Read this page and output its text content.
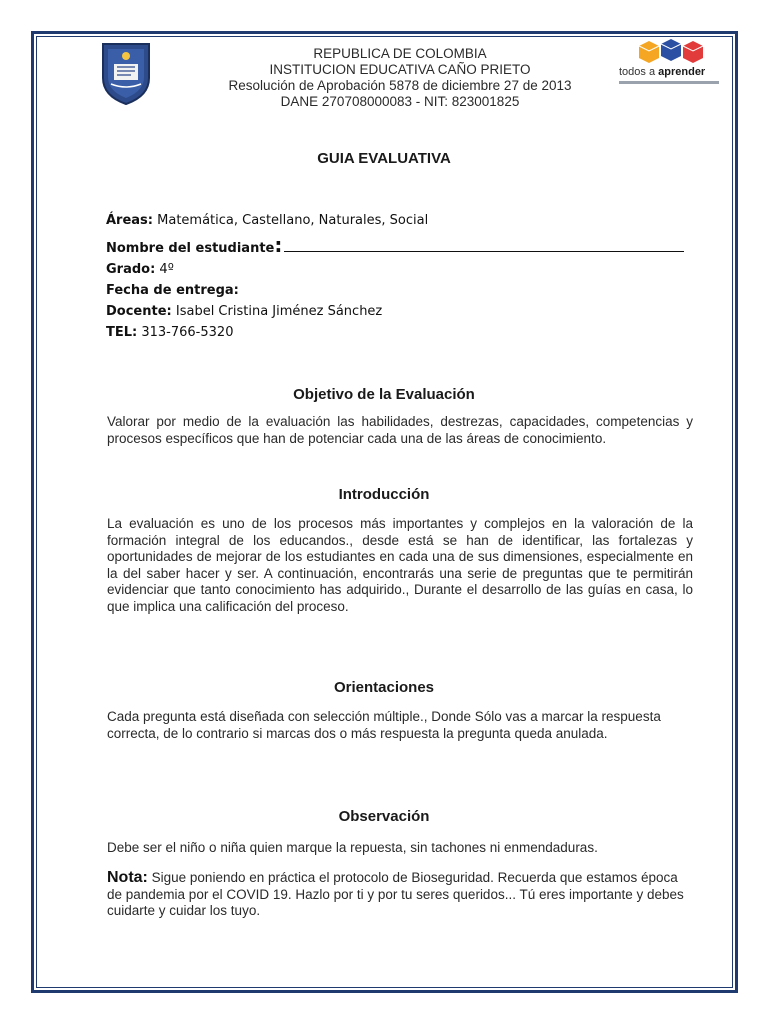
todos a aprender
REPUBLICA DE COLOMBIA
INSTITUCION EDUCATIVA CAÑO PRIETO
Resolución de Aprobación 5878 de diciembre 27 de 2013
DANE 270708000083 - NIT: 823001825
GUIA EVALUATIVA
Áreas: Matemática, Castellano, Naturales, Social
Nombre del estudiante:
Grado: 4º
Fecha de entrega:
Docente: Isabel Cristina Jiménez Sánchez
TEL: 313-766-5320
Objetivo de la Evaluación
Valorar por medio de la evaluación las habilidades, destrezas, capacidades, competencias y procesos específicos que han de potenciar cada una de las áreas de conocimiento.
Introducción
La evaluación es uno de los procesos más importantes y complejos en la valoración de la formación integral de los educandos., desde está se han de identificar, las fortalezas y oportunidades de mejorar de los estudiantes en cada una de sus dimensiones, especialmente en la del saber hacer y ser. A continuación, encontrarás una serie de preguntas que te permitirán evidenciar que tanto conocimiento has adquirido., Durante el desarrollo de las guías en casa, lo que implica una calificación del proceso.
Orientaciones
Cada pregunta está diseñada con selección múltiple., Donde Sólo vas a marcar la respuesta correcta, de lo contrario si marcas dos o más respuesta la pregunta queda anulada.
Observación
Debe ser el niño o niña quien marque la repuesta, sin tachones ni enmendaduras.
Nota: Sigue poniendo en práctica el protocolo de Bioseguridad. Recuerda que estamos época de pandemia por el COVID 19. Hazlo por ti y por tu seres queridos... Tú eres importante y debes cuidarte y cuidar los tuyo.
